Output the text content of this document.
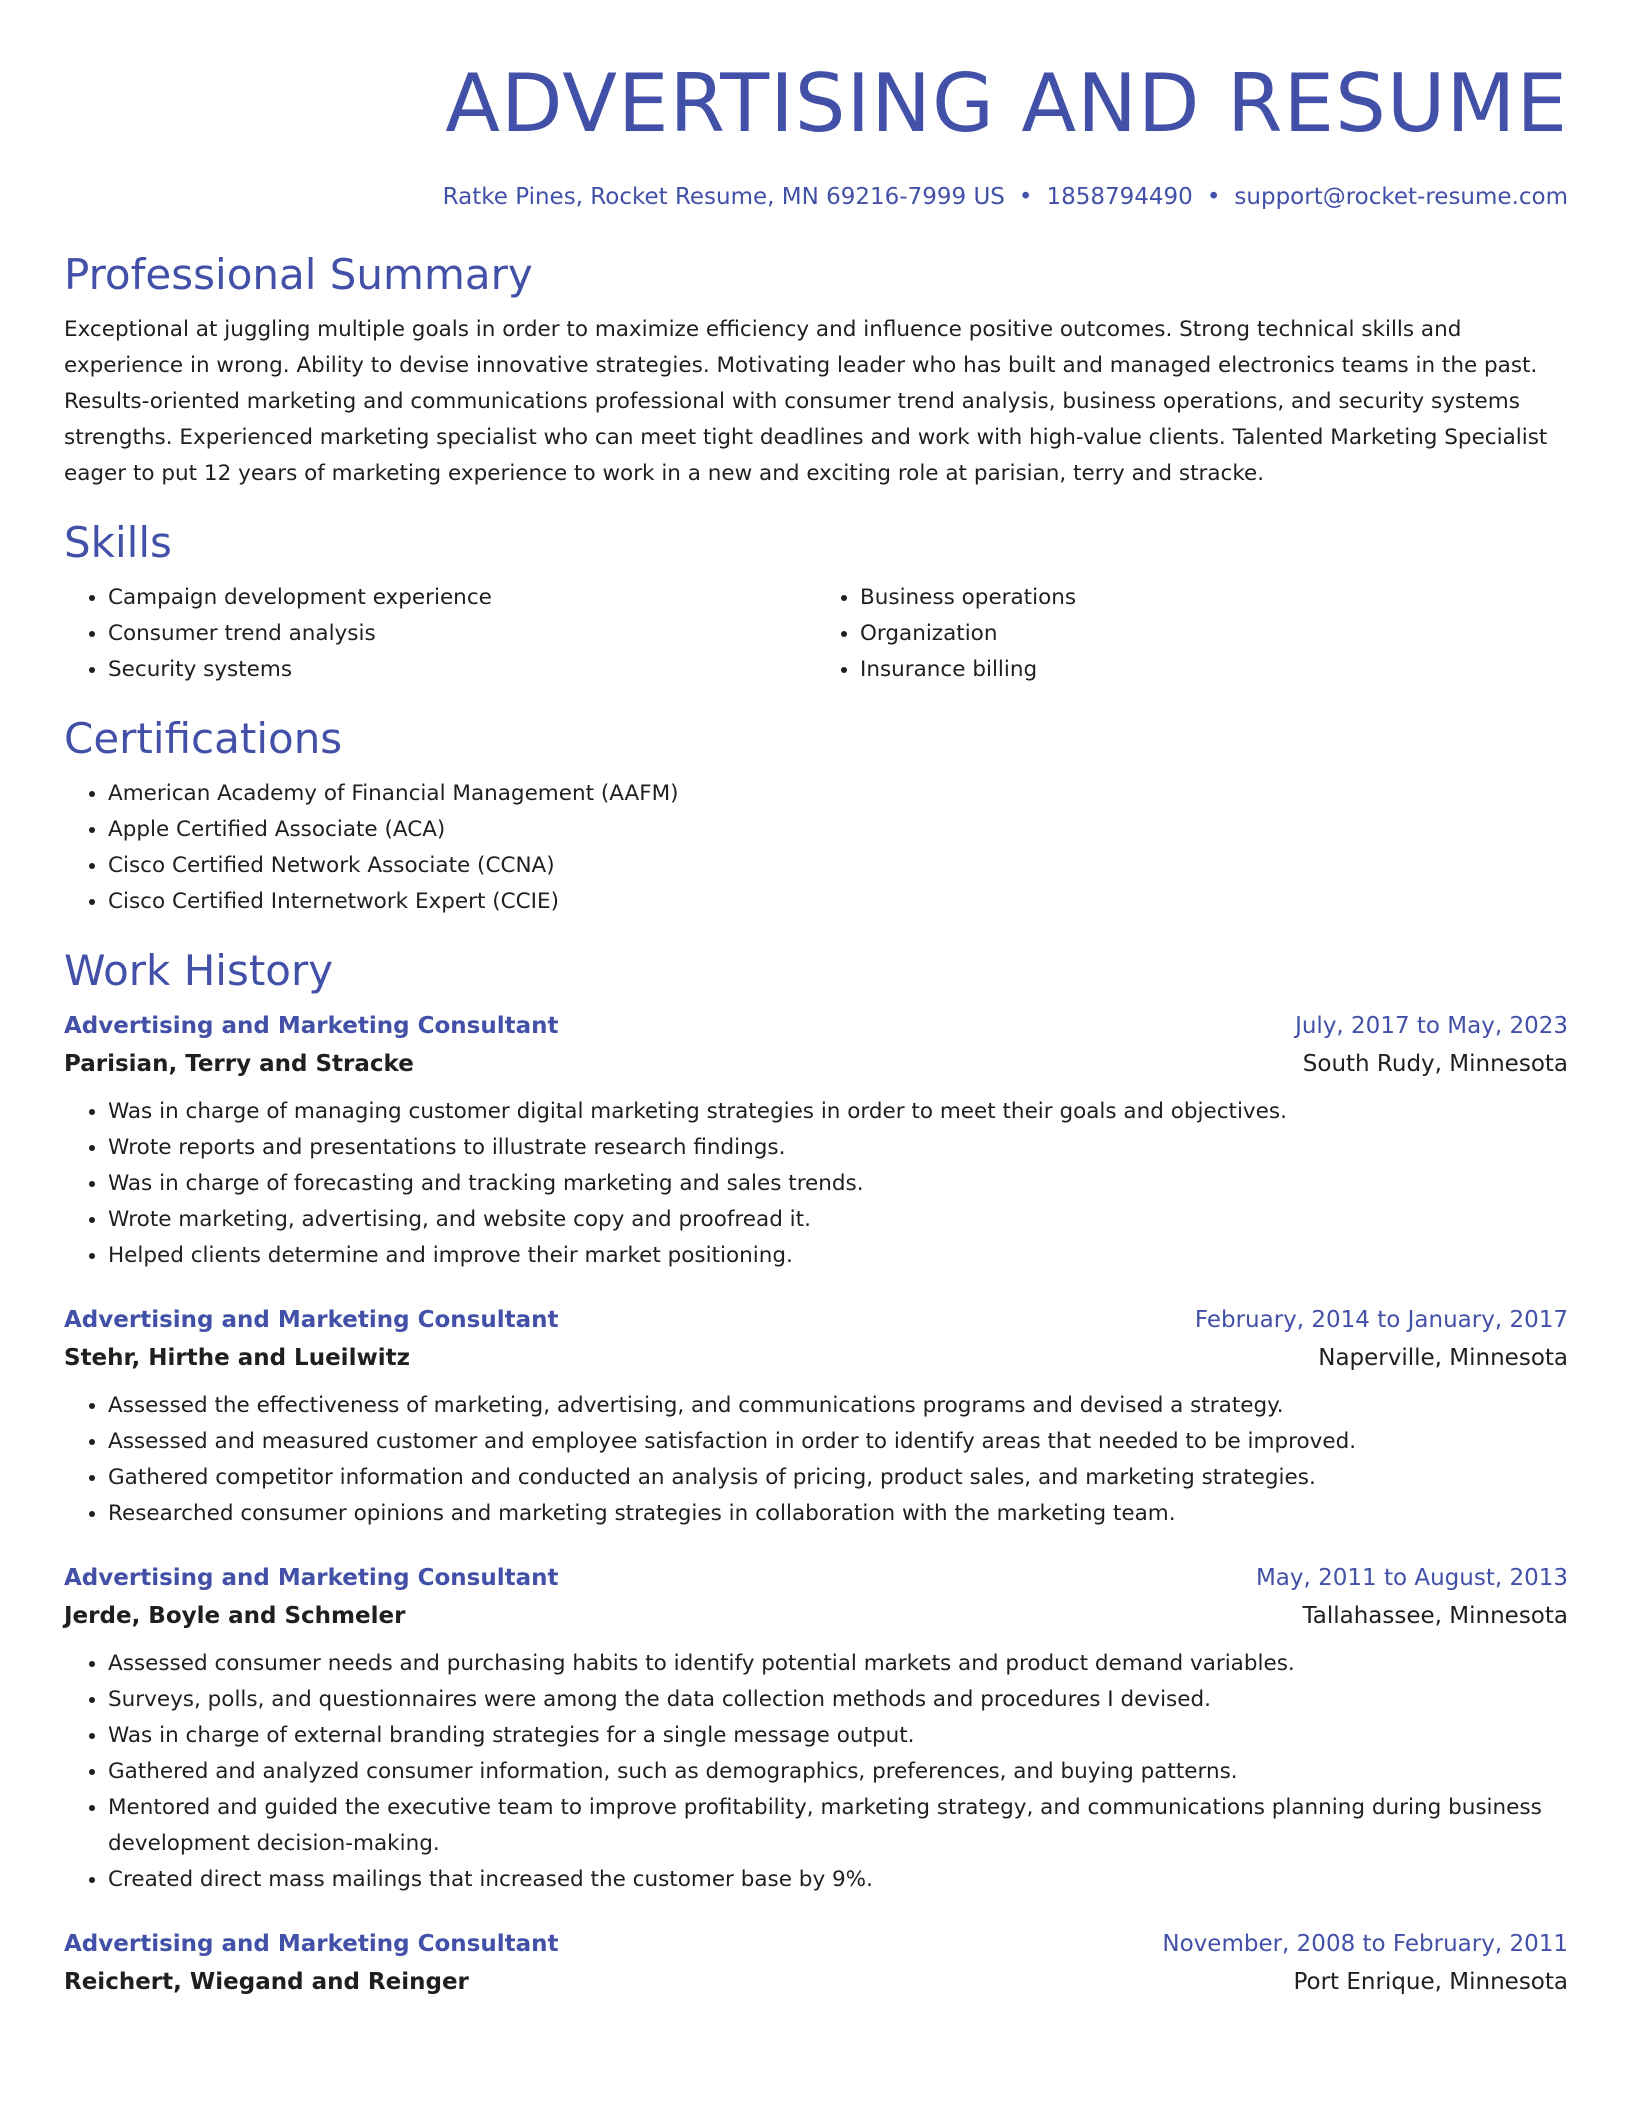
ADVERTISING AND RESUME
Ratke Pines, Rocket Resume, MN 69216-7999 US • 1858794490 • support@rocket-resume.com
Professional Summary

Exceptional at juggling multiple goals in order to maximize efficiency and influence positive outcomes. Strong technical skills and experience in wrong. Ability to devise innovative strategies. Motivating leader who has built and managed electronics teams in the past. Results-oriented marketing and communications professional with consumer trend analysis, business operations, and security systems strengths. Experienced marketing specialist who can meet tight deadlines and work with high-value clients. Talented Marketing Specialist eager to put 12 years of marketing experience to work in a new and exciting role at parisian, terry and stracke.

Skills
• Campaign development experience
• Consumer trend analysis
• Security systems
• Business operations
• Organization
• Insurance billing
Certifications
• American Academy of Financial Management (AAFM)
• Apple Certified Associate (ACA)
• Cisco Certified Network Associate (CCNA)
• Cisco Certified Internetwork Expert (CCIE)
Work History
Advertising and Marketing Consultant	July, 2017 to May, 2023
Parisian, Terry and Stracke	South Rudy, Minnesota
• Was in charge of managing customer digital marketing strategies in order to meet their goals and objectives.
• Wrote reports and presentations to illustrate research findings.
• Was in charge of forecasting and tracking marketing and sales trends.
• Wrote marketing, advertising, and website copy and proofread it.
• Helped clients determine and improve their market positioning.
Advertising and Marketing Consultant	February, 2014 to January, 2017
Stehr, Hirthe and Lueilwitz	Naperville, Minnesota
• Assessed the effectiveness of marketing, advertising, and communications programs and devised a strategy.
• Assessed and measured customer and employee satisfaction in order to identify areas that needed to be improved.
• Gathered competitor information and conducted an analysis of pricing, product sales, and marketing strategies.
• Researched consumer opinions and marketing strategies in collaboration with the marketing team.
Advertising and Marketing Consultant	May, 2011 to August, 2013
Jerde, Boyle and Schmeler	Tallahassee, Minnesota
• Assessed consumer needs and purchasing habits to identify potential markets and product demand variables.
• Surveys, polls, and questionnaires were among the data collection methods and procedures I devised.
• Was in charge of external branding strategies for a single message output.
• Gathered and analyzed consumer information, such as demographics, preferences, and buying patterns.
• Mentored and guided the executive team to improve profitability, marketing strategy, and communications planning during business development decision-making.
• Created direct mass mailings that increased the customer base by 9%.
Advertising and Marketing Consultant	November, 2008 to February, 2011
Reichert, Wiegand and Reinger	Port Enrique, Minnesota
